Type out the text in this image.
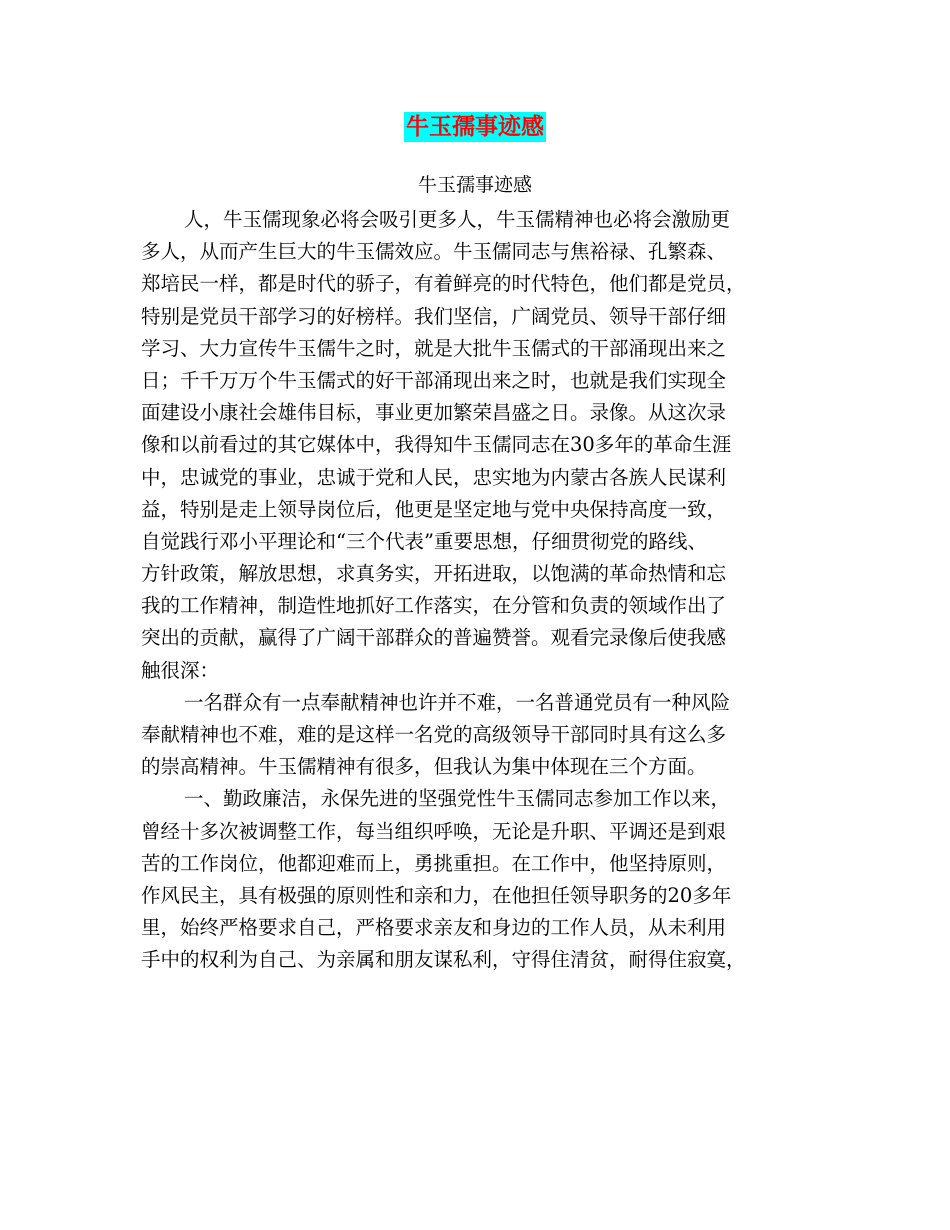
牛玉孺事迹感
牛玉孺事迹感
人，牛玉儒现象必将会吸引更多人，牛玉儒精神也必将会激励更
多人，从而产生巨大的牛玉儒效应。牛玉儒同志与焦裕禄、孔繁森、
郑培民一样，都是时代的骄子，有着鲜亮的时代特色，他们都是党员，
特别是党员干部学习的好榜样。我们坚信，广阔党员、领导干部仔细
学习、大力宣传牛玉儒牛之时，就是大批牛玉儒式的干部涌现出来之
日；千千万万个牛玉儒式的好干部涌现出来之时，也就是我们实现全
面建设小康社会雄伟目标，事业更加繁荣昌盛之日。录像。从这次录
像和以前看过的其它媒体中，我得知牛玉儒同志在30多年的革命生涯
中，忠诚党的事业，忠诚于党和人民，忠实地为内蒙古各族人民谋利
益，特别是走上领导岗位后，他更是坚定地与党中央保持高度一致，
自觉践行邓小平理论和“三个代表”重要思想，仔细贯彻党的路线、
方针政策，解放思想，求真务实，开拓进取，以饱满的革命热情和忘
我的工作精神，制造性地抓好工作落实，在分管和负责的领域作出了
突出的贡献，赢得了广阔干部群众的普遍赞誉。观看完录像后使我感
触很深：
一名群众有一点奉献精神也许并不难，一名普通党员有一种风险
奉献精神也不难，难的是这样一名党的高级领导干部同时具有这么多
的崇高精神。牛玉儒精神有很多，但我认为集中体现在三个方面。
一、勤政廉洁，永保先进的坚强党性牛玉儒同志参加工作以来，
曾经十多次被调整工作，每当组织呼唤，无论是升职、平调还是到艰
苦的工作岗位，他都迎难而上，勇挑重担。在工作中，他坚持原则，
作风民主，具有极强的原则性和亲和力，在他担任领导职务的20多年
里，始终严格要求自己，严格要求亲友和身边的工作人员，从未利用
手中的权利为自己、为亲属和朋友谋私利，守得住清贫，耐得住寂寞，
